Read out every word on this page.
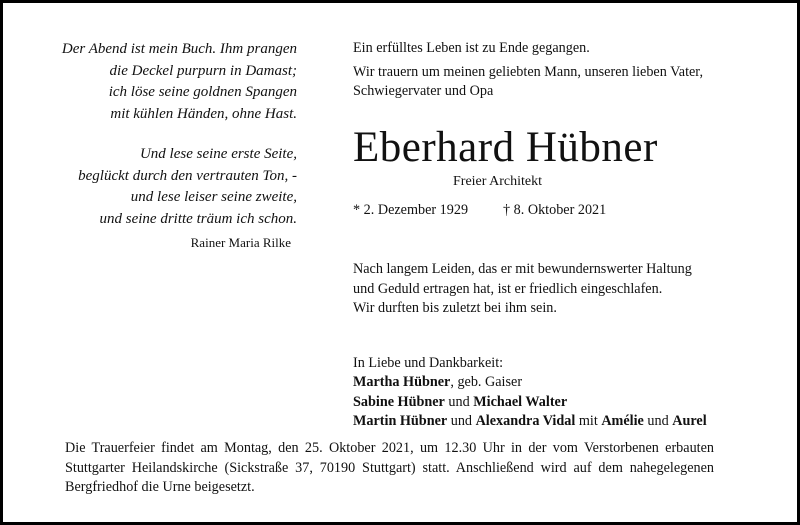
Der Abend ist mein Buch. Ihm prangen
die Deckel purpurn in Damast;
ich löse seine goldnen Spangen
mit kühlen Händen, ohne Hast.

Und lese seine erste Seite,
beglückt durch den vertrauten Ton, -
und lese leiser seine zweite,
und seine dritte träum ich schon.
Rainer Maria Rilke

Ein erfülltes Leben ist zu Ende gegangen.

Wir trauern um meinen geliebten Mann, unseren lieben Vater,
Schwiegervater und Opa

Eberhard Hübner

Freier Architekt

* 2. Dezember 1929 † 8. Oktober 2021

Nach langem Leiden, das er mit bewundernswerter Haltung
und Geduld ertragen hat, ist er friedlich eingeschlafen.
Wir durften bis zuletzt bei ihm sein.

In Liebe und Dankbarkeit:

Martha Hübner, geb. Gaiser
Sabine Hübner und Michael Walter
Martin Hübner und Alexandra Vidal mit Amélie und Aurel

Die Trauerfeier findet am Montag, den 25. Oktober 2021, um 12.30 Uhr in der vom Verstorbenen erbauten
Stuttgarter Heilandskirche (Sickstraße 37, 70190 Stuttgart) statt. Anschließend wird auf dem nahegelegenen
Bergfriedhof die Urne beigesetzt.
